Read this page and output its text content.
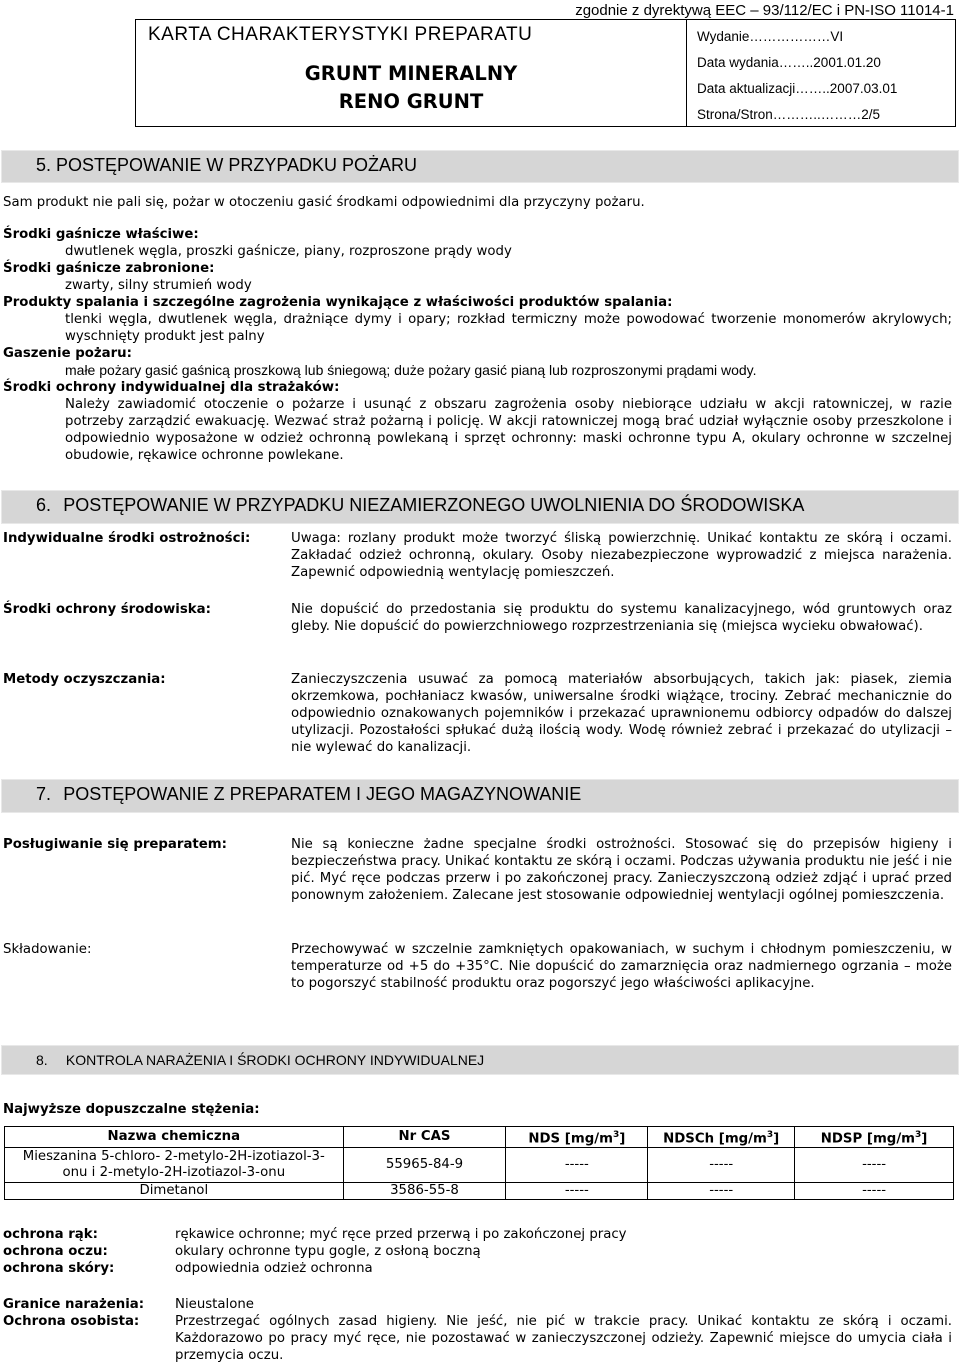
zgodnie z dyrektywą EEC – 93/112/EC i PN-ISO 11014-1
KARTA CHARAKTERYSTYKI PREPARATU
GRUNT MINERALNY
RENO GRUNT
Wydanie………………VI
Data wydania……..2001.01.20
Data aktualizacji……..2007.03.01
Strona/Stron………..………2/5
5. POSTĘPOWANIE W PRZYPADKU POŻARU

Sam produkt nie pali się, pożar w otoczeniu gasić środkami odpowiednimi dla przyczyny pożaru.

Środki gaśnicze właściwe:

dwutlenek węgla, proszki gaśnicze, piany, rozproszone prądy wody

Środki gaśnicze zabronione:

zwarty, silny strumień wody

Produkty spalania i szczególne zagrożenia wynikające z właściwości produktów spalania:

tlenki węgla, dwutlenek węgla, drażniące dymy i opary; rozkład termiczny może powodować tworzenie monomerów akrylowych; wyschnięty produkt jest palny

Gaszenie pożaru:

małe pożary gasić gaśnicą proszkową lub śniegową; duże pożary gasić pianą lub rozproszonymi prądami wody.

Środki ochrony indywidualnej dla strażaków:

Należy zawiadomić otoczenie o pożarze i usunąć z obszaru zagrożenia osoby niebiorące udziału w akcji ratowniczej, w razie potrzeby zarządzić ewakuację. Wezwać straż pożarną i policję. W akcji ratowniczej mogą brać udział wyłącznie osoby przeszkolone i odpowiednio wyposażone w odzież ochronną powlekaną i sprzęt ochronny: maski ochronne typu A, okulary ochronne w szczelnej obudowie, rękawice ochronne powlekane.

6. POSTĘPOWANIE W PRZYPADKU NIEZAMIERZONEGO UWOLNIENIA DO ŚRODOWISKA
Indywidualne środki ostrożności:	Uwaga: rozlany produkt może tworzyć śliską powierzchnię. Unikać kontaktu ze skórą i oczami. Zakładać odzież ochronną, okulary. Osoby niezabezpieczone wyprowadzić z miejsca narażenia. Zapewnić odpowiednią wentylację pomieszczeń.
Środki ochrony środowiska:	Nie dopuścić do przedostania się produktu do systemu kanalizacyjnego, wód gruntowych oraz gleby. Nie dopuścić do powierzchniowego rozprzestrzeniania się (miejsca wycieku obwałować).
Metody oczyszczania:	Zanieczyszczenia usuwać za pomocą materiałów absorbujących, takich jak: piasek, ziemia okrzemkowa, pochłaniacz kwasów, uniwersalne środki wiążące, trociny. Zebrać mechanicznie do odpowiednio oznakowanych pojemników i przekazać uprawnionemu odbiorcy odpadów do dalszej utylizacji. Pozostałości spłukać dużą ilością wody. Wodę również zebrać i przekazać do utylizacji – nie wylewać do kanalizacji.
7. POSTĘPOWANIE Z PREPARATEM I JEGO MAGAZYNOWANIE
Posługiwanie się preparatem:	Nie są konieczne żadne specjalne środki ostrożności. Stosować się do przepisów higieny i bezpieczeństwa pracy. Unikać kontaktu ze skórą i oczami. Podczas używania produktu nie jeść i nie pić. Myć ręce podczas przerw i po zakończonej pracy. Zanieczyszczoną odzież zdjąć i uprać przed ponownym założeniem. Zalecane jest stosowanie odpowiedniej wentylacji ogólnej pomieszczenia.
Składowanie:	Przechowywać w szczelnie zamkniętych opakowaniach, w suchym i chłodnym pomieszczeniu, w temperaturze od +5 do +35°C. Nie dopuścić do zamarznięcia oraz nadmiernego ogrzania – może to pogorszyć stabilność produktu oraz pogorszyć jego właściwości aplikacyjne.
8. KONTROLA NARAŻENIA I ŚRODKI OCHRONY INDYWIDUALNEJ
Najwyższe dopuszczalne stężenia:
Nazwa chemiczna	Nr CAS	NDS $[mg/m^3]$	NDSCh $[mg/m^3]$	NDSP $[mg/m^3]$
Mieszanina 5-chloro- 2-metylo-2H-izotiazol-3-onu i 2-metylo-2H-izotiazol-3-onu	55965-84-9	-----	-----	-----
Dimetanol	3586-55-8	-----	-----	-----
ochrona rąk:	rękawice ochronne; myć ręce przed przerwą i po zakończonej pracy
ochrona oczu:	okulary ochronne typu gogle, z osłoną boczną
ochrona skóry:	odpowiednia odzież ochronna
Granice narażenia: Nieustalone
Ochrona osobista:	Przestrzegać ogólnych zasad higieny. Nie jeść, nie pić w trakcie pracy. Unikać kontaktu ze skórą i oczami. Każdorazowo po pracy myć ręce, nie pozostawać w zanieczyszczonej odzieży. Zapewnić miejsce do umycia ciała i przemycia oczu.
